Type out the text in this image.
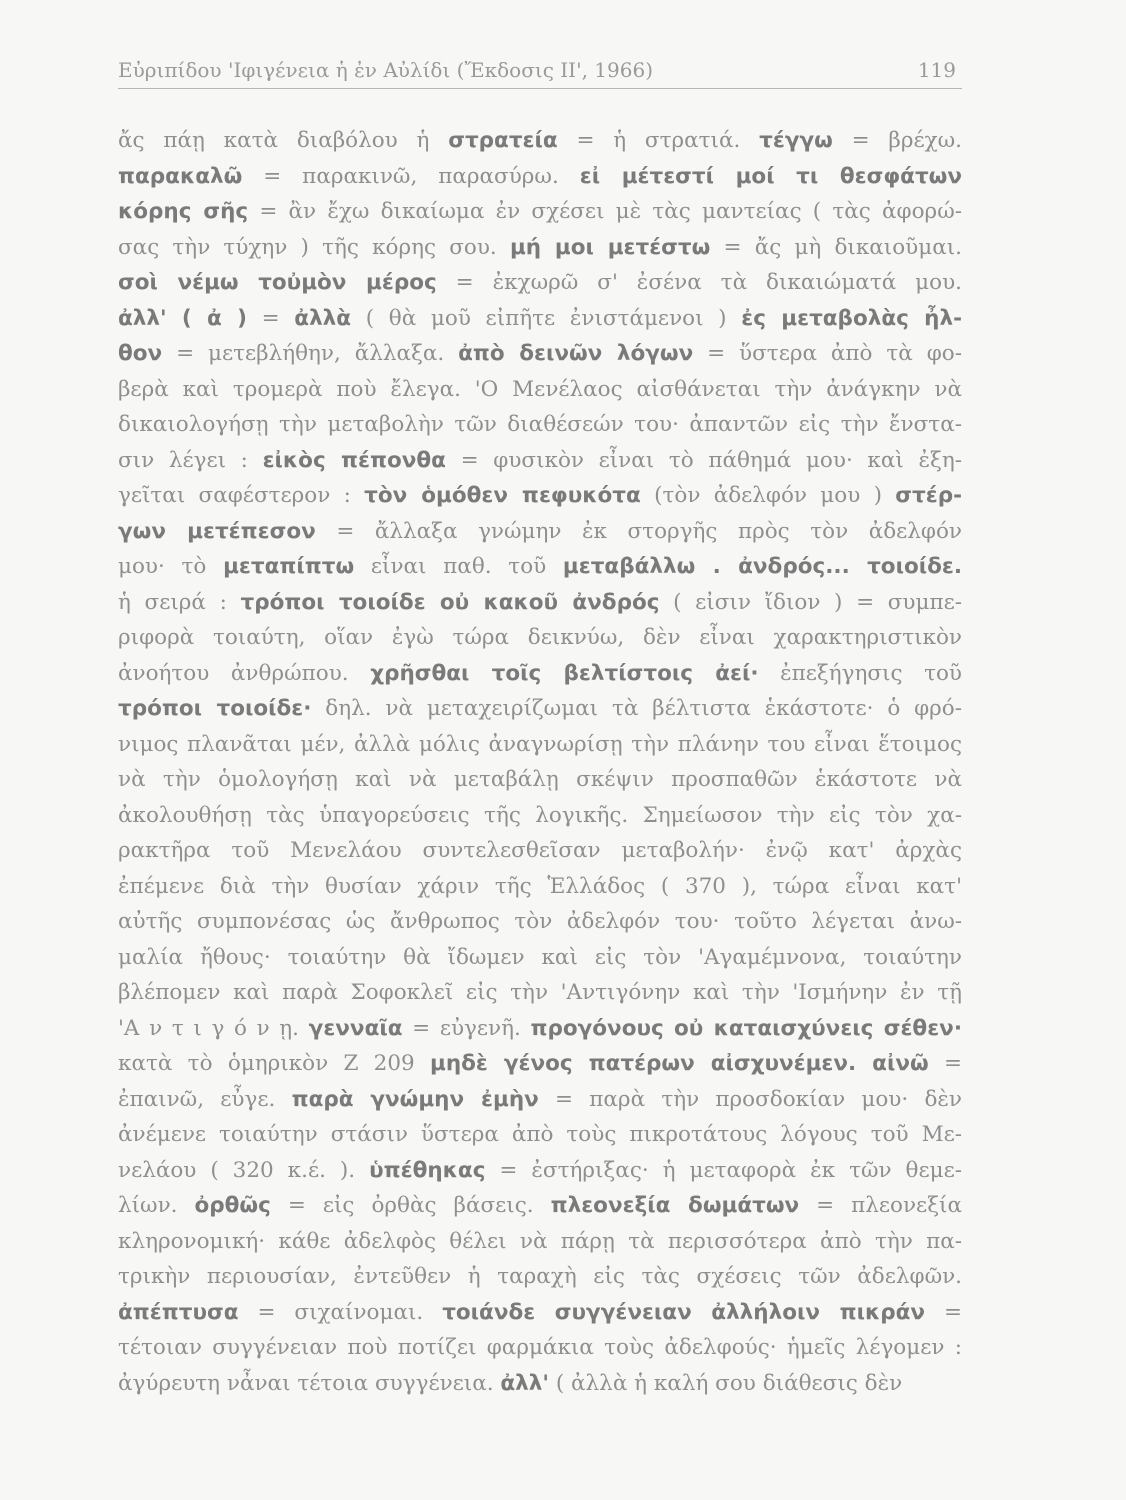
Εὐριπίδου 'Ιφιγένεια ἡ ἐν Αὐλίδι (Ἔκδοσις ΙΙ', 1966)	119
ἄς πάῃ κατὰ διαβόλου ἡ στρατεία = ἡ στρατιά. τέγγω = βρέχω.
παρακαλῶ = παρακινῶ, παρασύρω. εἰ μέτεστί μοί τι θεσφάτων
κόρης σῆς = ἂν ἔχω δικαίωμα ἐν σχέσει μὲ τὰς μαντείας ( τὰς ἀφορώ-
σας τὴν τύχην ) τῆς κόρης σου. μή μοι μετέστω = ἄς μὴ δικαιοῦμαι.
σοὶ νέμω τοὐμὸν μέρος = ἐκχωρῶ σ' ἐσένα τὰ δικαιώματά μου.
ἀλλ' ( ἀ ) = ἀλλὰ ( θὰ μοῦ εἰπῆτε ἐνιστάμενοι ) ἐς μεταβολὰς ἦλ-
θον = μετεβλήθην, ἄλλαξα. ἀπὸ δεινῶν λόγων = ὕστερα ἀπὸ τὰ φο-
βερὰ καὶ τρομερὰ ποὺ ἔλεγα. 'Ο Μενέλαος αἰσθάνεται τὴν ἀνάγκην νὰ
δικαιολογήσῃ τὴν μεταβολὴν τῶν διαθέσεών του· ἀπαντῶν εἰς τὴν ἔνστα-
σιν λέγει : εἰκὸς πέπονθα = φυσικὸν εἶναι τὸ πάθημά μου· καὶ ἐξη-
γεῖται σαφέστερον : τὸν ὁμόθεν πεφυκότα (τὸν ἀδελφόν μου ) στέρ-
γων μετέπεσον = ἄλλαξα γνώμην ἐκ στοργῆς πρὸς τὸν ἀδελφόν
μου· τὸ μεταπίπτω εἶναι παθ. τοῦ μεταβάλλω . ἀνδρός... τοιοίδε.
ἡ σειρά : τρόποι τοιοίδε οὐ κακοῦ ἀνδρός ( εἰσιν ἴδιον ) = συμπε-
ριφορὰ τοιαύτη, οἵαν ἐγὼ τώρα δεικνύω, δὲν εἶναι χαρακτηριστικὸν
ἀνοήτου ἀνθρώπου. χρῆσθαι τοῖς βελτίστοις ἀεί· ἐπεξήγησις τοῦ
τρόποι τοιοίδε· δηλ. νὰ μεταχειρίζωμαι τὰ βέλτιστα ἑκάστοτε· ὁ φρό-
νιμος πλανᾶται μέν, ἀλλὰ μόλις ἀναγνωρίσῃ τὴν πλάνην του εἶναι ἕτοιμος
νὰ τὴν ὁμολογήσῃ καὶ νὰ μεταβάλῃ σκέψιν προσπαθῶν ἑκάστοτε νὰ
ἀκολουθήσῃ τὰς ὑπαγορεύσεις τῆς λογικῆς. Σημείωσον τὴν εἰς τὸν χα-
ρακτῆρα τοῦ Μενελάου συντελεσθεῖσαν μεταβολήν· ἐνῷ κατ' ἀρχὰς
ἐπέμενε διὰ τὴν θυσίαν χάριν τῆς Ἑλλάδος ( 370 ), τώρα εἶναι κατ'
αὐτῆς συμπονέσας ὡς ἄνθρωπος τὸν ἀδελφόν του· τοῦτο λέγεται ἀνω-
μαλία ἤθους· τοιαύτην θὰ ἴδωμεν καὶ εἰς τὸν 'Αγαμέμνονα, τοιαύτην
βλέπομεν καὶ παρὰ Σοφοκλεῖ εἰς τὴν 'Αντιγόνην καὶ τὴν 'Ισμήνην ἐν τῇ
'Α ν τ ι γ ό ν ῃ. γενναῖα = εὐγενῆ. προγόνους οὐ καταισχύνεις σέθεν·
κατὰ τὸ ὁμηρικὸν Ζ 209 μηδὲ γένος πατέρων αἰσχυνέμεν. αἰνῶ =
ἐπαινῶ, εὖγε. παρὰ γνώμην ἐμὴν = παρὰ τὴν προσδοκίαν μου· δὲν
ἀνέμενε τοιαύτην στάσιν ὕστερα ἀπὸ τοὺς πικροτάτους λόγους τοῦ Με-
νελάου ( 320 κ.έ. ). ὑπέθηκας = ἐστήριξας· ἡ μεταφορὰ ἐκ τῶν θεμε-
λίων. ὀρθῶς = εἰς ὀρθὰς βάσεις. πλεονεξία δωμάτων = πλεονεξία
κληρονομική· κάθε ἀδελφὸς θέλει νὰ πάρῃ τὰ περισσότερα ἀπὸ τὴν πα-
τρικὴν περιουσίαν, ἐντεῦθεν ἡ ταραχὴ εἰς τὰς σχέσεις τῶν ἀδελφῶν.
ἀπέπτυσα = σιχαίνομαι. τοιάνδε συγγένειαν ἀλλήλοιν πικράν =
τέτοιαν συγγένειαν ποὺ ποτίζει φαρμάκια τοὺς ἀδελφούς· ἡμεῖς λέγομεν :
ἀγύρευτη νἆναι τέτοια συγγένεια. ἀλλ' ( ἀλλὰ ἡ καλή σου διάθεσις δὲν
